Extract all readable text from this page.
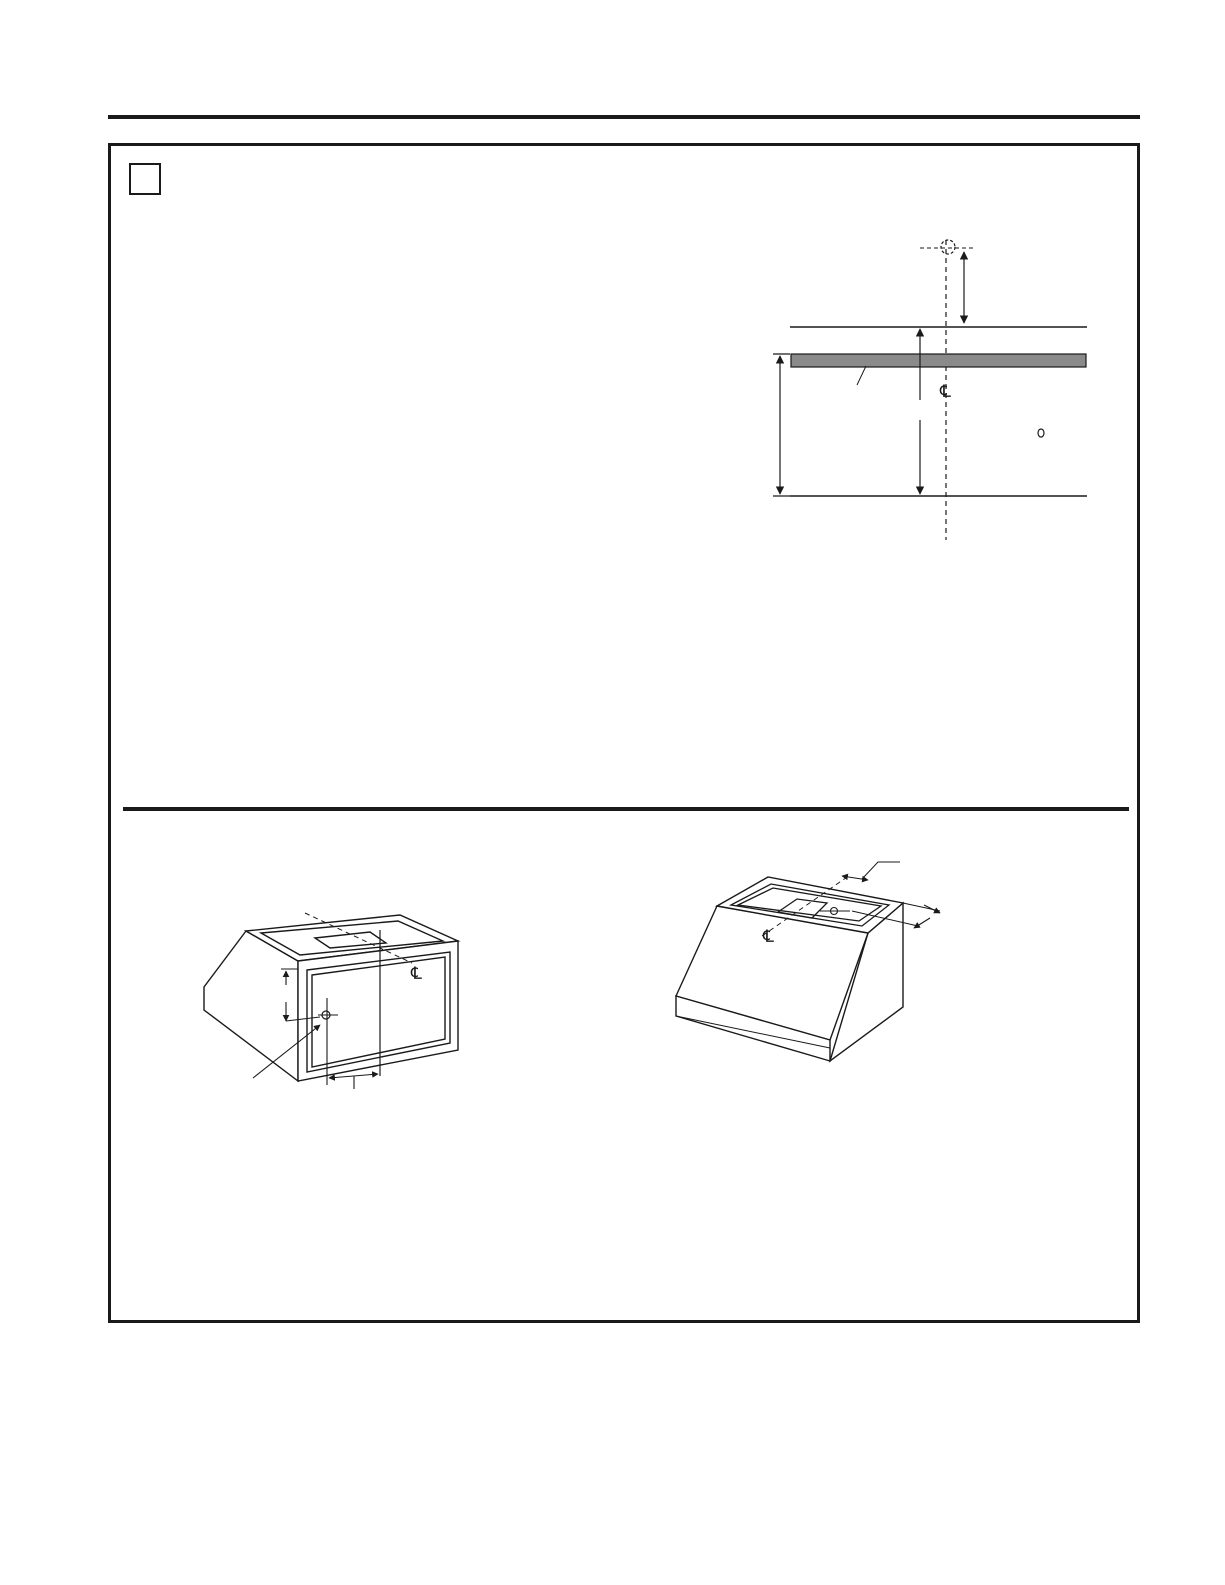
℄
℄
℄
